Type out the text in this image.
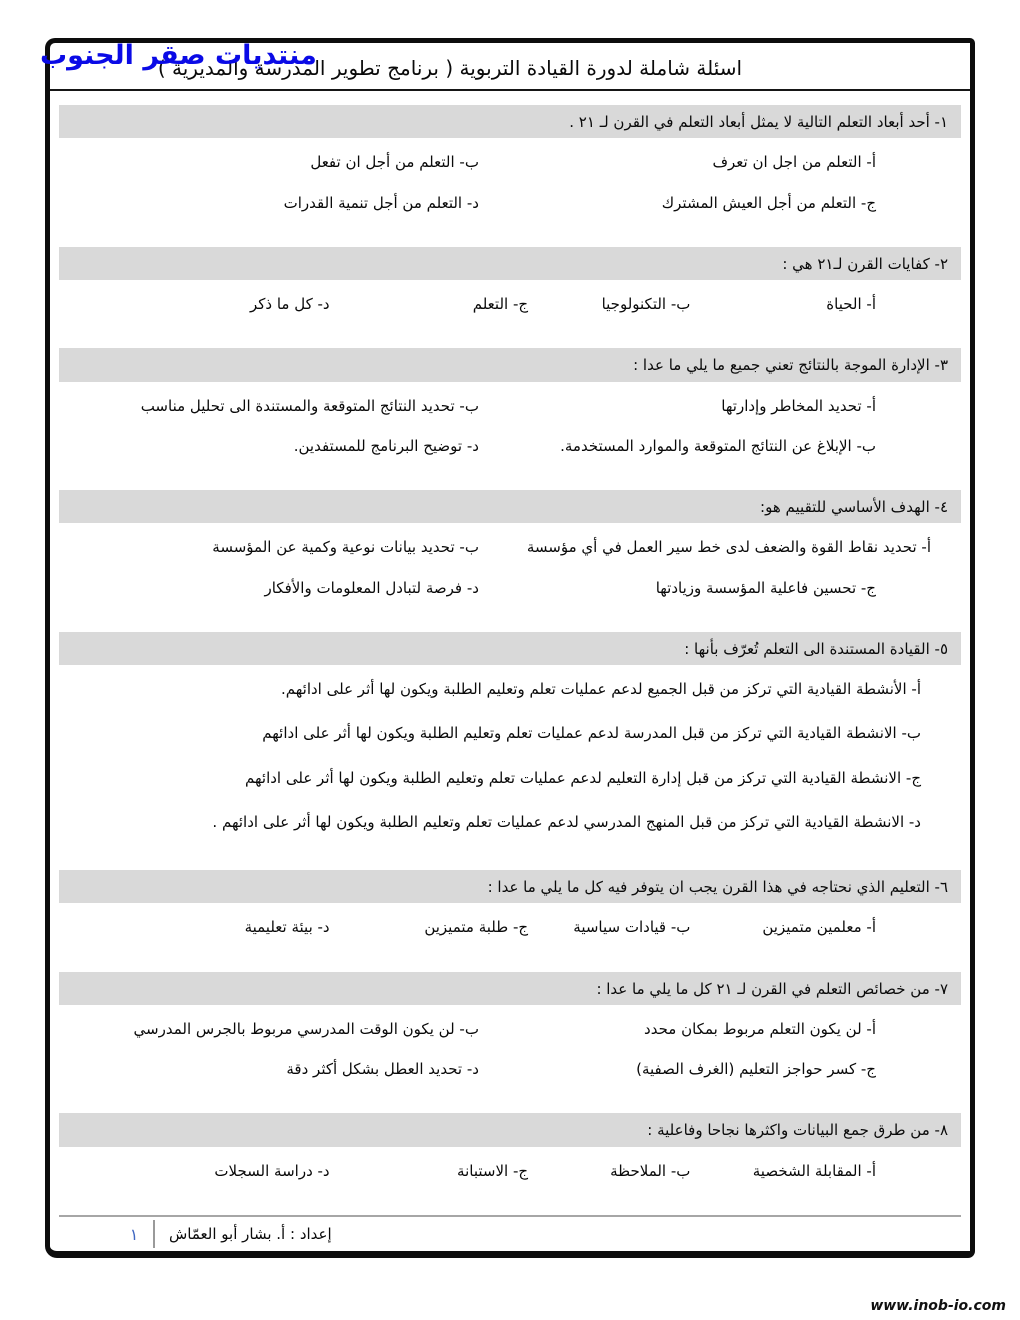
منتديات صقر الجنوب
اسئلة شاملة لدورة القيادة التربوية ( برنامج تطوير المدرسة والمديرية )
١- أحد أبعاد التعلم التالية لا يمثل أبعاد التعلم في القرن لـ ٢١ .
أ- التعلم من اجل ان تعرف
ب- التعلم من أجل ان تفعل
ج- التعلم من أجل العيش المشترك
د- التعلم من أجل تنمية القدرات
٢- كفايات القرن لـ٢١ هي :
أ- الحياة
ب- التكنولوجيا
ج- التعلم
د- كل ما ذكر
٣- الإدارة الموجة بالنتائج تعني جميع ما يلي ما عدا :
أ- تحديد المخاطر وإدارتها
ب- تحديد النتائج المتوقعة والمستندة الى تحليل مناسب
ب- الإبلاغ عن النتائج المتوقعة والموارد المستخدمة.
د- توضيح البرنامج للمستفدين.
٤- الهدف الأساسي للتقييم هو:
أ- تحديد نقاط القوة والضعف لدى خط سير العمل في أي مؤسسة
ب- تحديد بيانات نوعية وكمية عن المؤسسة
ج- تحسين فاعلية المؤسسة وزيادتها
د- فرصة لتبادل المعلومات والأفكار
٥- القيادة المستندة الى التعلم تُعرّف بأنها :
أ- الأنشطة القيادية التي تركز من قبل الجميع لدعم عمليات تعلم وتعليم الطلبة ويكون لها أثر على ادائهم.
ب- الانشطة القيادية التي تركز من قبل المدرسة لدعم عمليات تعلم وتعليم الطلبة ويكون لها أثر على ادائهم
ج- الانشطة القيادية التي تركز من قبل إدارة التعليم لدعم عمليات تعلم وتعليم الطلبة ويكون لها أثر على ادائهم
د- الانشطة القيادية التي تركز من قبل المنهج المدرسي لدعم عمليات تعلم وتعليم الطلبة ويكون لها أثر على ادائهم .
٦- التعليم الذي نحتاجه في هذا القرن يجب ان يتوفر فيه كل ما يلي ما عدا :
أ- معلمين متميزين
ب- قيادات سياسية
ج- طلبة متميزين
د- بيئة تعليمية
٧- من خصائص التعلم في القرن لـ ٢١ كل ما يلي ما عدا :
أ- لن يكون التعلم مربوط بمكان محدد
ب- لن يكون الوقت المدرسي مربوط بالجرس المدرسي
ج- كسر حواجز التعليم (الغرف الصفية)
د- تحديد العطل بشكل أكثر دقة
٨- من طرق جمع البيانات واكثرها نجاحا وفاعلية :
أ- المقابلة الشخصية
ب- الملاحظة
ج- الاستبانة
د- دراسة السجلات
١	إعداد : أ. بشار أبو العمّاش
www.inob-io.com
